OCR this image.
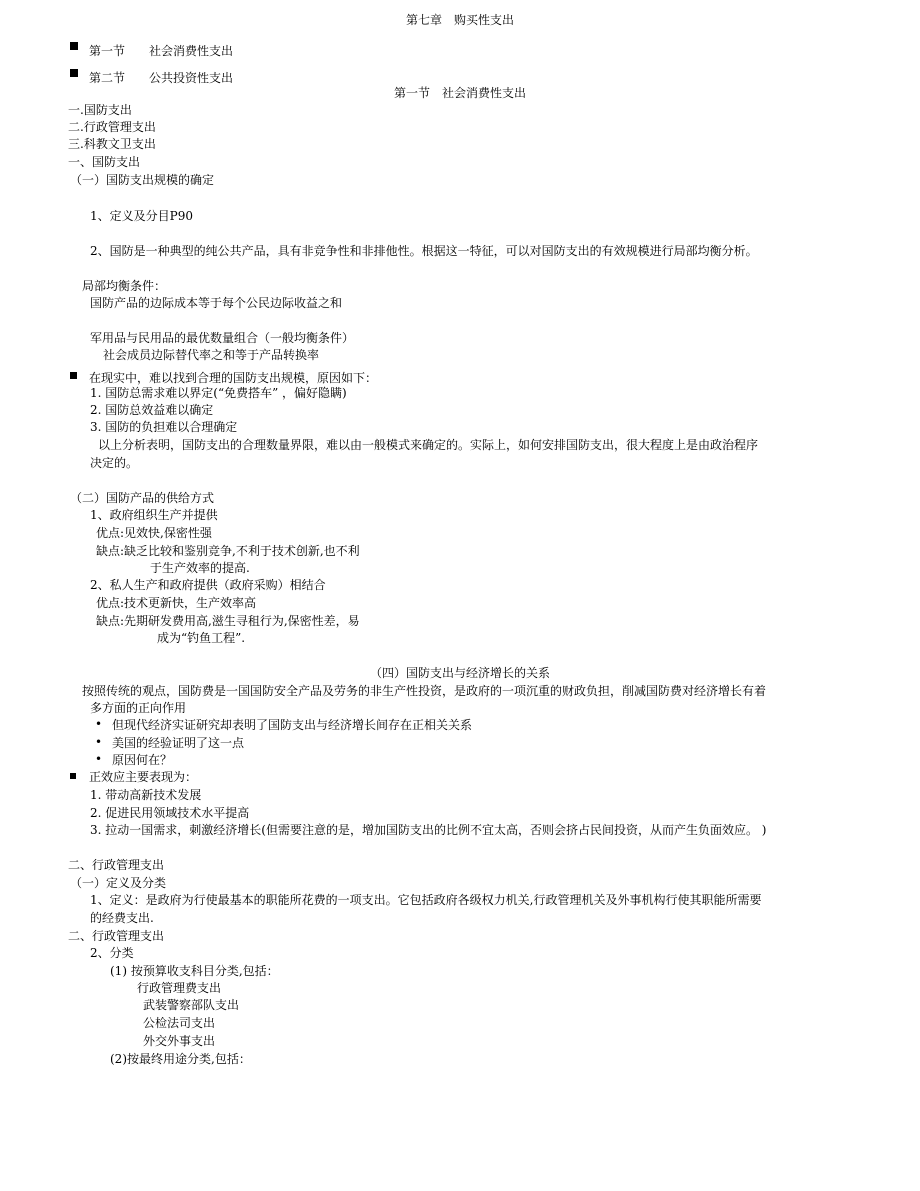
第七章　购买性支出
第一节　　社会消费性支出
第二节　　公共投资性支出
第一节　社会消费性支出
一.国防支出
二.行政管理支出
三.科教文卫支出
一、国防支出
（一）国防支出规模的确定
1、定义及分目P90
2、国防是一种典型的纯公共产品，具有非竞争性和非排他性。根据这一特征，可以对国防支出的有效规模进行局部均衡分析。
局部均衡条件：
国防产品的边际成本等于每个公民边际收益之和
军用品与民用品的最优数量组合（一般均衡条件）
社会成员边际替代率之和等于产品转换率
在现实中，难以找到合理的国防支出规模，原因如下：
1. 国防总需求难以界定(“免费搭车” ，偏好隐瞒)
2. 国防总效益难以确定
3. 国防的负担难以合理确定
以上分析表明，国防支出的合理数量界限，难以由一般模式来确定的。实际上，如何安排国防支出，很大程度上是由政治程序
决定的。
（二）国防产品的供给方式
1、政府组织生产并提供
优点:见效快,保密性强
缺点:缺乏比较和鉴别竞争,不利于技术创新,也不利
于生产效率的提高.
2、私人生产和政府提供（政府采购）相结合
优点:技术更新快，生产效率高
缺点:先期研发费用高,滋生寻租行为,保密性差，易
成为“钓鱼工程”.
（四）国防支出与经济增长的关系
按照传统的观点，国防费是一国国防安全产品及劳务的非生产性投资，是政府的一项沉重的财政负担，削减国防费对经济增长有着
多方面的正向作用
• 但现代经济实证研究却表明了国防支出与经济增长间存在正相关关系
• 美国的经验证明了这一点
• 原因何在？
正效应主要表现为：
1. 带动高新技术发展
2. 促进民用领域技术水平提高
3. 拉动一国需求，刺激经济增长(但需要注意的是，增加国防支出的比例不宜太高，否则会挤占民间投资，从而产生负面效应。 )
二、行政管理支出
（一）定义及分类
1、定义：是政府为行使最基本的职能所花费的一项支出。它包括政府各级权力机关,行政管理机关及外事机构行使其职能所需要
的经费支出.
二、行政管理支出
2、分类
(1) 按预算收支科目分类,包括：
行政管理费支出
武装警察部队支出
公检法司支出
外交外事支出
(2)按最终用途分类,包括：
